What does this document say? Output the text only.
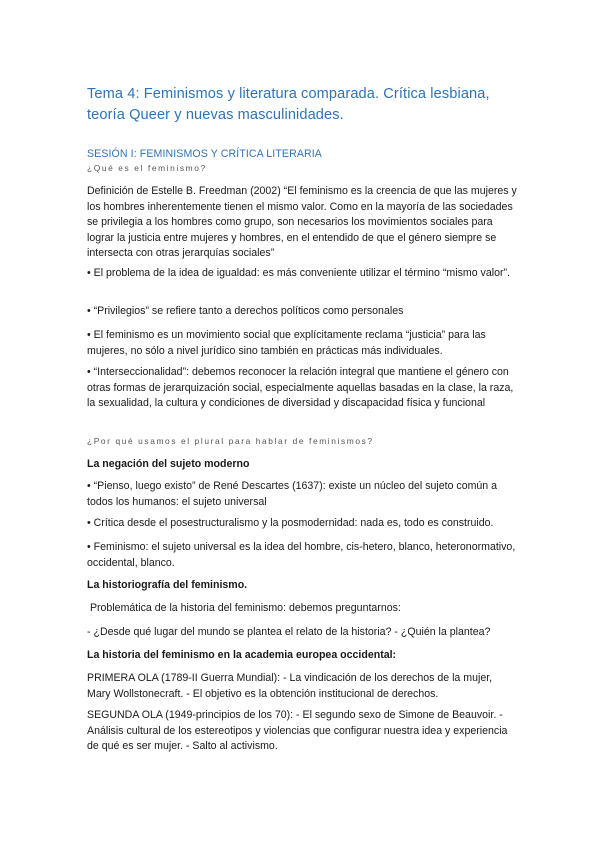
Tema 4: Feminismos y literatura comparada. Crítica lesbiana, teoría Queer y nuevas masculinidades.
SESIÓN I: FEMINISMOS Y CRÍTICA LITERARIA
¿Qué es el feminismo?
Definición de Estelle B. Freedman (2002) “El feminismo es la creencia de que las mujeres y los hombres inherentemente tienen el mismo valor. Como en la mayoría de las sociedades se privilegia a los hombres como grupo, son necesarios los movimientos sociales para lograr la justicia entre mujeres y hombres, en el entendido de que el género siempre se intersecta con otras jerarquías sociales”
• El problema de la idea de igualdad: es más conveniente utilizar el término “mismo valor”.
• “Privilegios” se refiere tanto a derechos políticos como personales
• El feminismo es un movimiento social que explícitamente reclama “justicia” para las mujeres, no sólo a nivel jurídico sino también en prácticas más individuales.
• “Interseccionalidad”: debemos reconocer la relación integral que mantiene el género con otras formas de jerarquización social, especialmente aquellas basadas en la clase, la raza, la sexualidad, la cultura y condiciones de diversidad y discapacidad física y funcional
¿Por qué usamos el plural para hablar de feminismos?
La negación del sujeto moderno
• “Pienso, luego existo” de René Descartes (1637): existe un núcleo del sujeto común a todos los humanos: el sujeto universal
• Crítica desde el posestructuralismo y la posmodernidad: nada es, todo es construido.
• Feminismo: el sujeto universal es la idea del hombre, cis-hetero, blanco, heteronormativo, occidental, blanco.
La historiografía del feminismo.
Problemática de la historia del feminismo: debemos preguntarnos:
- ¿Desde qué lugar del mundo se plantea el relato de la historia? - ¿Quién la plantea?
La historia del feminismo en la academia europea occidental:
PRIMERA OLA (1789-II Guerra Mundial): - La vindicación de los derechos de la mujer, Mary Wollstonecraft. - El objetivo es la obtención institucional de derechos.
SEGUNDA OLA (1949-principios de los 70): - El segundo sexo de Simone de Beauvoir. - Análisis cultural de los estereotipos y violencias que configurar nuestra idea y experiencia de qué es ser mujer. - Salto al activismo.
